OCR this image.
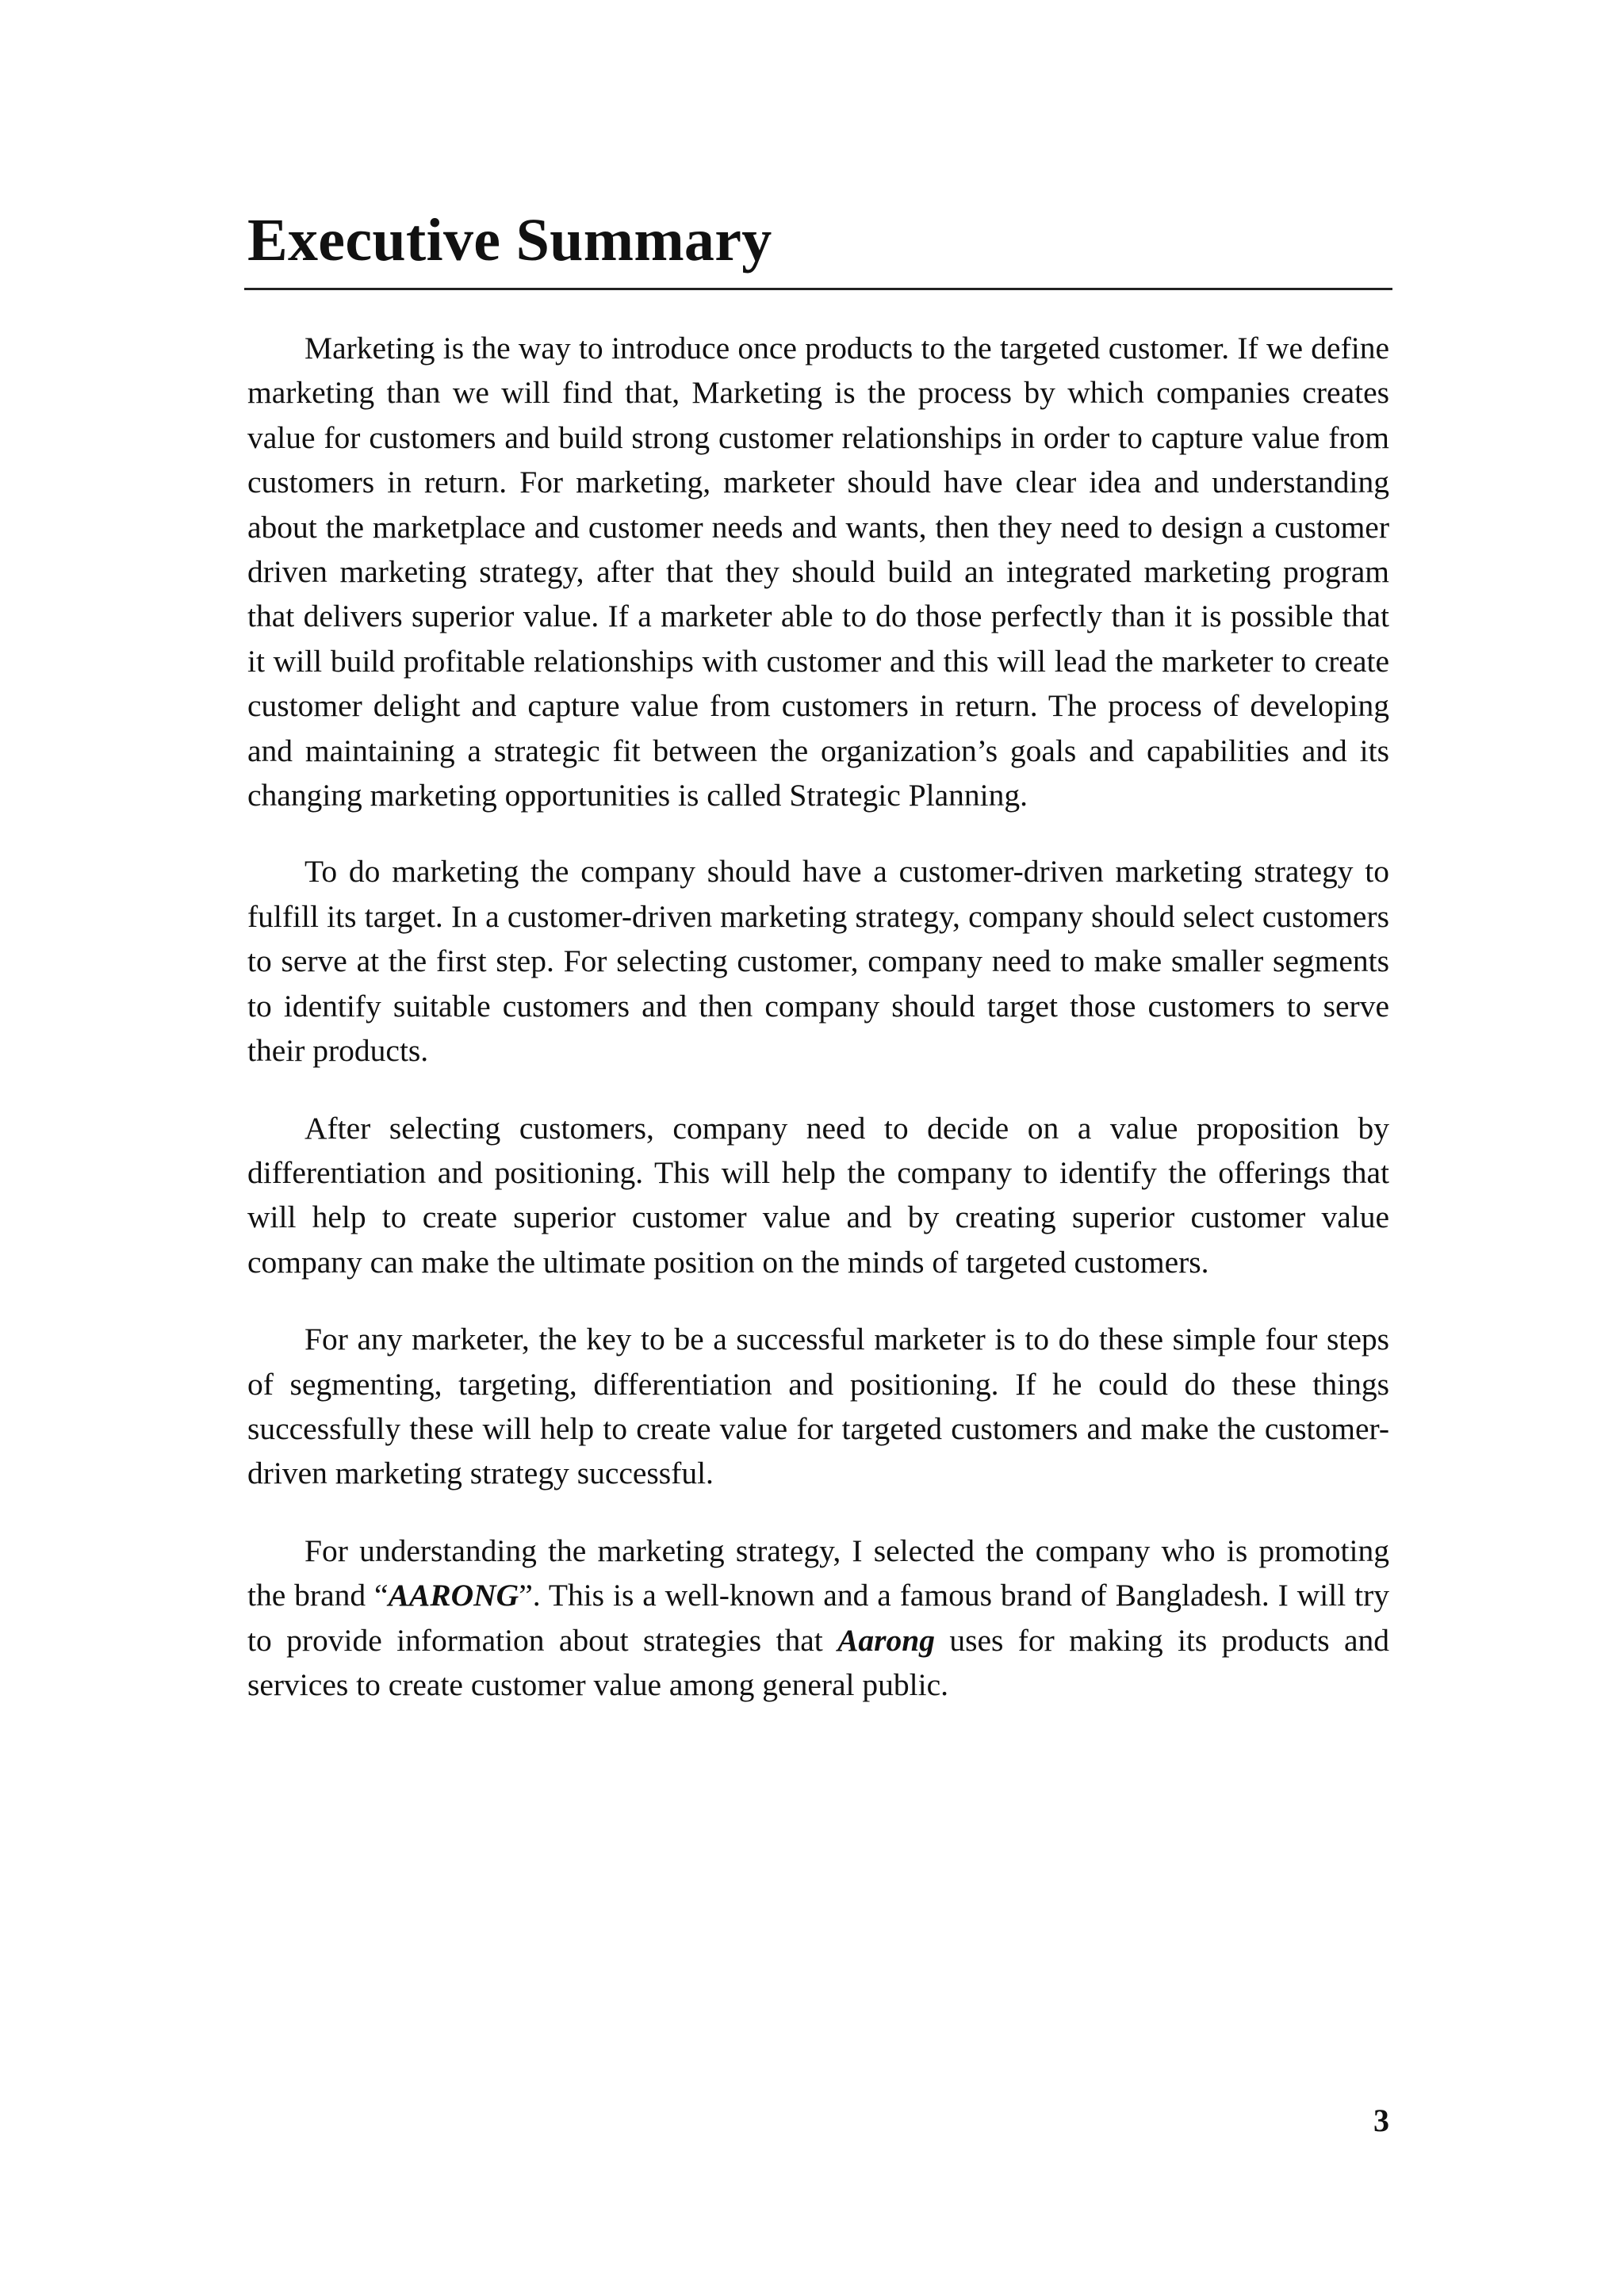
Executive Summary

Marketing is the way to introduce once products to the targeted customer. If we define marketing than we will find that, Marketing is the process by which companies creates value for customers and build strong customer relationships in order to capture value from customers in return. For marketing, marketer should have clear idea and understanding about the marketplace and customer needs and wants, then they need to design a customer driven marketing strategy, after that they should build an integrated marketing program that delivers superior value. If a marketer able to do those perfectly than it is possible that it will build profitable relationships with customer and this will lead the marketer to create customer delight and capture value from customers in return. The process of developing and maintaining a strategic fit between the organization’s goals and capabilities and its changing marketing opportunities is called Strategic Planning.

To do marketing the company should have a customer-driven marketing strategy to fulfill its target. In a customer-driven marketing strategy, company should select customers to serve at the first step. For selecting customer, company need to make smaller segments to identify suitable customers and then company should target those customers to serve their products.

After selecting customers, company need to decide on a value proposition by differentiation and positioning. This will help the company to identify the offerings that will help to create superior customer value and by creating superior customer value company can make the ultimate position on the minds of targeted customers.

For any marketer, the key to be a successful marketer is to do these simple four steps of segmenting, targeting, differentiation and positioning. If he could do these things successfully these will help to create value for targeted customers and make the customer-driven marketing strategy successful.

For understanding the marketing strategy, I selected the company who is promoting the brand “AARONG”. This is a well-known and a famous brand of Bangladesh. I will try to provide information about strategies that Aarong uses for making its products and services to create customer value among general public.

3
